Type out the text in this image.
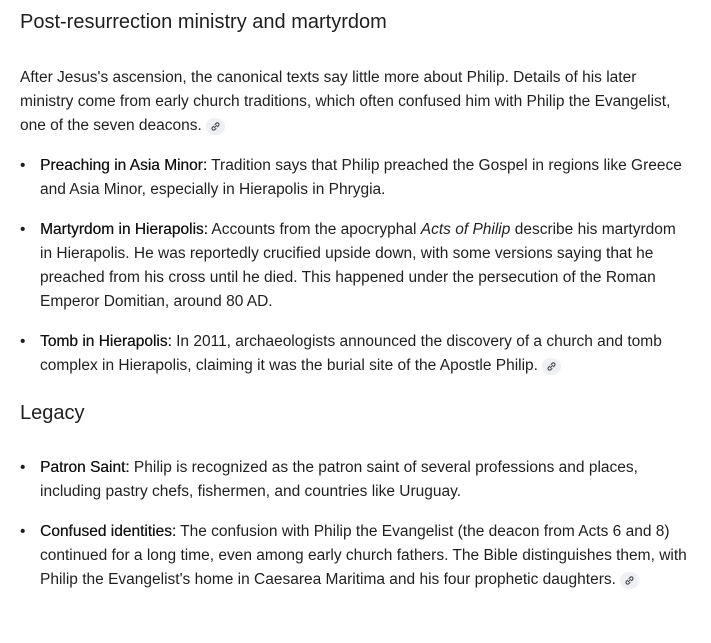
Post-resurrection ministry and martyrdom

After Jesus's ascension, the canonical texts say little more about Philip. Details of his later ministry come from early church traditions, which often confused him with Philip the Evangelist, one of the seven deacons.

• Preaching in Asia Minor: Tradition says that Philip preached the Gospel in regions like Greece and Asia Minor, especially in Hierapolis in Phrygia.
• Martyrdom in Hierapolis: Accounts from the apocryphal Acts of Philip describe his martyrdom in Hierapolis. He was reportedly crucified upside down, with some versions saying that he preached from his cross until he died. This happened under the persecution of the Roman Emperor Domitian, around 80 AD.
• Tomb in Hierapolis: In 2011, archaeologists announced the discovery of a church and tomb complex in Hierapolis, claiming it was the burial site of the Apostle Philip.
Legacy
• Patron Saint: Philip is recognized as the patron saint of several professions and places, including pastry chefs, fishermen, and countries like Uruguay.
• Confused identities: The confusion with Philip the Evangelist (the deacon from Acts 6 and 8) continued for a long time, even among early church fathers. The Bible distinguishes them, with Philip the Evangelist's home in Caesarea Maritima and his four prophetic daughters.
